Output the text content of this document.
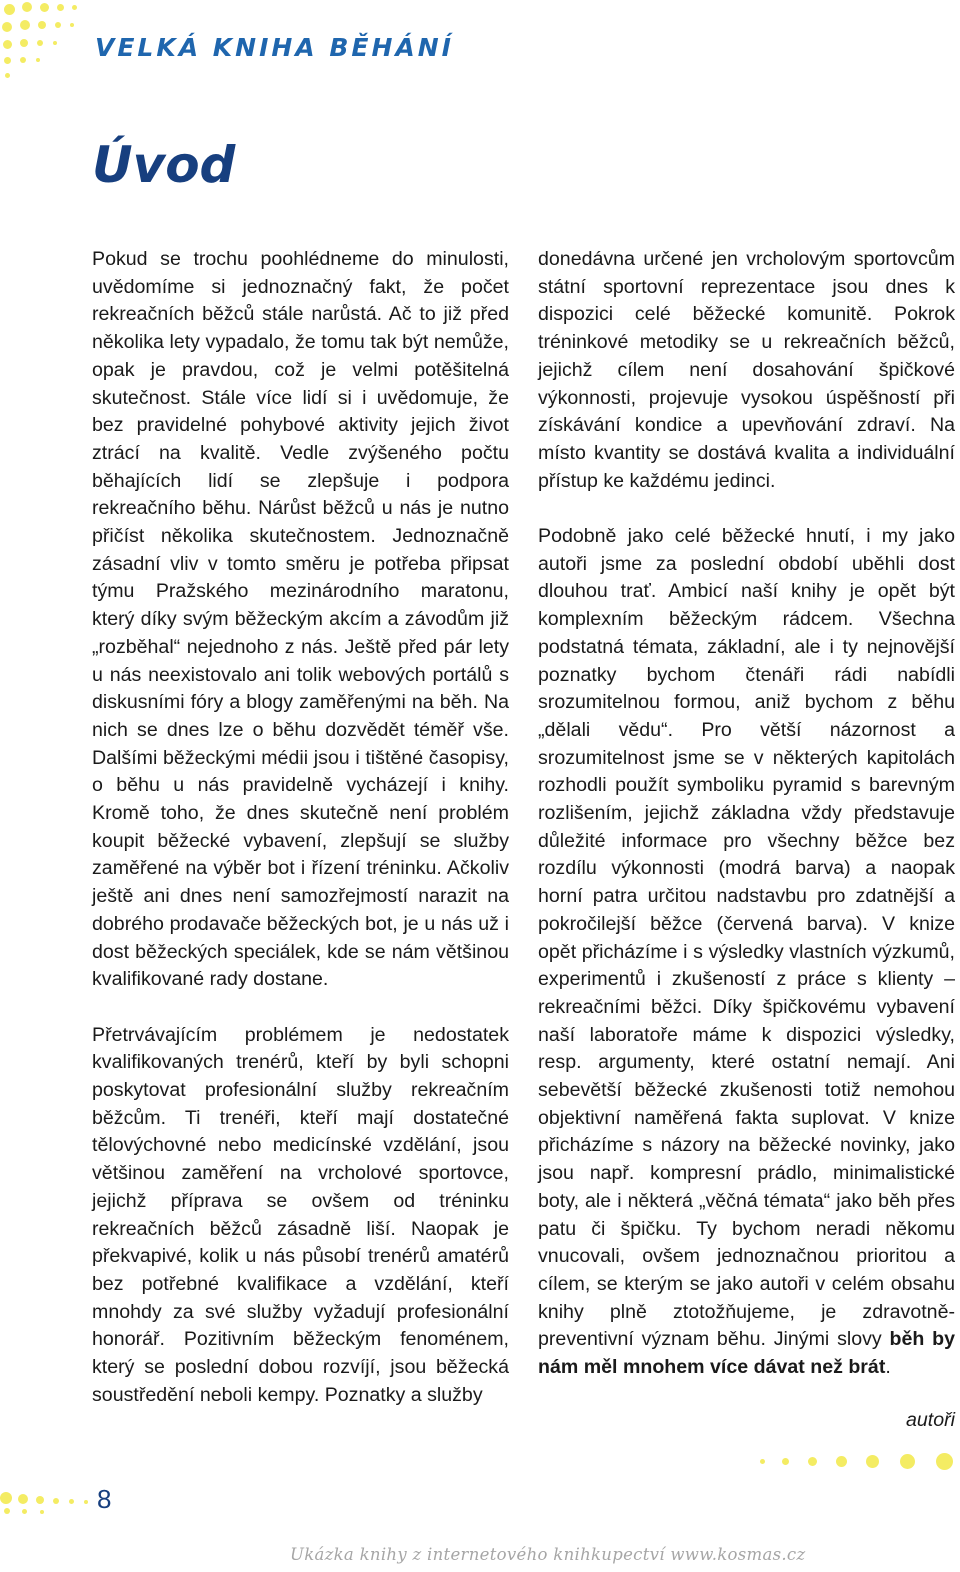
VELKÁ KNIHA BĚHÁNÍ
Úvod

Pokud se trochu poohlédneme do minulosti, uvědomíme si jednoznačný fakt, že počet rekreačních běžců stále narůstá. Ač to již před několika lety vypadalo, že tomu tak být nemůže, opak je pravdou, což je velmi potěšitelná skutečnost. Stále více lidí si i uvědomuje, že bez pravidelné pohybové aktivity jejich život ztrácí na kvalitě. Vedle zvýšeného počtu běhajících lidí se zlepšuje i podpora rekreačního běhu. Nárůst běžců u nás je nutno přičíst několika skutečnostem. Jednoznačně zásadní vliv v tomto směru je potřeba připsat týmu Pražského mezinárodního maratonu, který díky svým běžeckým akcím a závodům již „rozběhal“ nejednoho z nás. Ještě před pár lety u nás neexistovalo ani tolik webových portálů s diskusními fóry a blogy zaměřenými na běh. Na nich se dnes lze o běhu dozvědět téměř vše. Dalšími běžeckými médii jsou i tištěné časopisy, o běhu u nás pravidelně vycházejí i knihy. Kromě toho, že dnes skutečně není problém koupit běžecké vybavení, zlepšují se služby zaměřené na výběr bot i řízení tréninku. Ačkoliv ještě ani dnes není samozřejmostí narazit na dobrého prodavače běžeckých bot, je u nás už i dost běžeckých speciálek, kde se nám většinou kvalifikované rady dostane.

Přetrvávajícím problémem je nedostatek kvalifikovaných trenérů, kteří by byli schopni poskytovat profesionální služby rekreačním běžcům. Ti trenéři, kteří mají dostatečné tělovýchovné nebo medicínské vzdělání, jsou většinou zaměření na vrcholové sportovce, jejichž příprava se ovšem od tréninku rekreačních běžců zásadně liší. Naopak je překvapivé, kolik u nás působí trenérů amatérů bez potřebné kvalifikace a vzdělání, kteří mnohdy za své služby vyžadují profesionální honorář. Pozitivním běžeckým fenoménem, který se poslední dobou rozvíjí, jsou běžecká soustředění neboli kempy. Poznatky a služby

donedávna určené jen vrcholovým sportovcům státní sportovní reprezentace jsou dnes k dispozici celé běžecké komunitě. Pokrok tréninkové metodiky se u rekreačních běžců, jejichž cílem není dosahování špičkové výkonnosti, projevuje vysokou úspěšností při získávání kondice a upevňování zdraví. Na místo kvantity se dostává kvalita a individuální přístup ke každému jedinci.

Podobně jako celé běžecké hnutí, i my jako autoři jsme za poslední období uběhli dost dlouhou trať. Ambicí naší knihy je opět být komplexním běžeckým rádcem. Všechna podstatná témata, základní, ale i ty nejnovější poznatky bychom čtenáři rádi nabídli srozumitelnou formou, aniž bychom z běhu „dělali vědu“. Pro větší názornost a srozumitelnost jsme se v některých kapitolách rozhodli použít symboliku pyramid s barevným rozlišením, jejichž základna vždy představuje důležité informace pro všechny běžce bez rozdílu výkonnosti (modrá barva) a naopak horní patra určitou nadstavbu pro zdatnější a pokročilejší běžce (červená barva). V knize opět přicházíme i s výsledky vlastních výzkumů, experimentů i zkušeností z práce s klienty – rekreačními běžci. Díky špičkovému vybavení naší laboratoře máme k dispozici výsledky, resp. argumenty, které ostatní nemají. Ani sebevětší běžecké zkušenosti totiž nemohou objektivní naměřená fakta suplovat. V knize přicházíme s názory na běžecké novinky, jako jsou např. kompresní prádlo, minimalistické boty, ale i některá „věčná témata“ jako běh přes patu či špičku. Ty bychom neradi někomu vnucovali, ovšem jednoznačnou prioritou a cílem, se kterým se jako autoři v celém obsahu knihy plně ztotožňujeme, je zdravotně-preventivní význam běhu. Jinými slovy běh by nám měl mnohem více dávat než brát.

autoři
8
Ukázka knihy z internetového knihkupectví www.kosmas.cz
